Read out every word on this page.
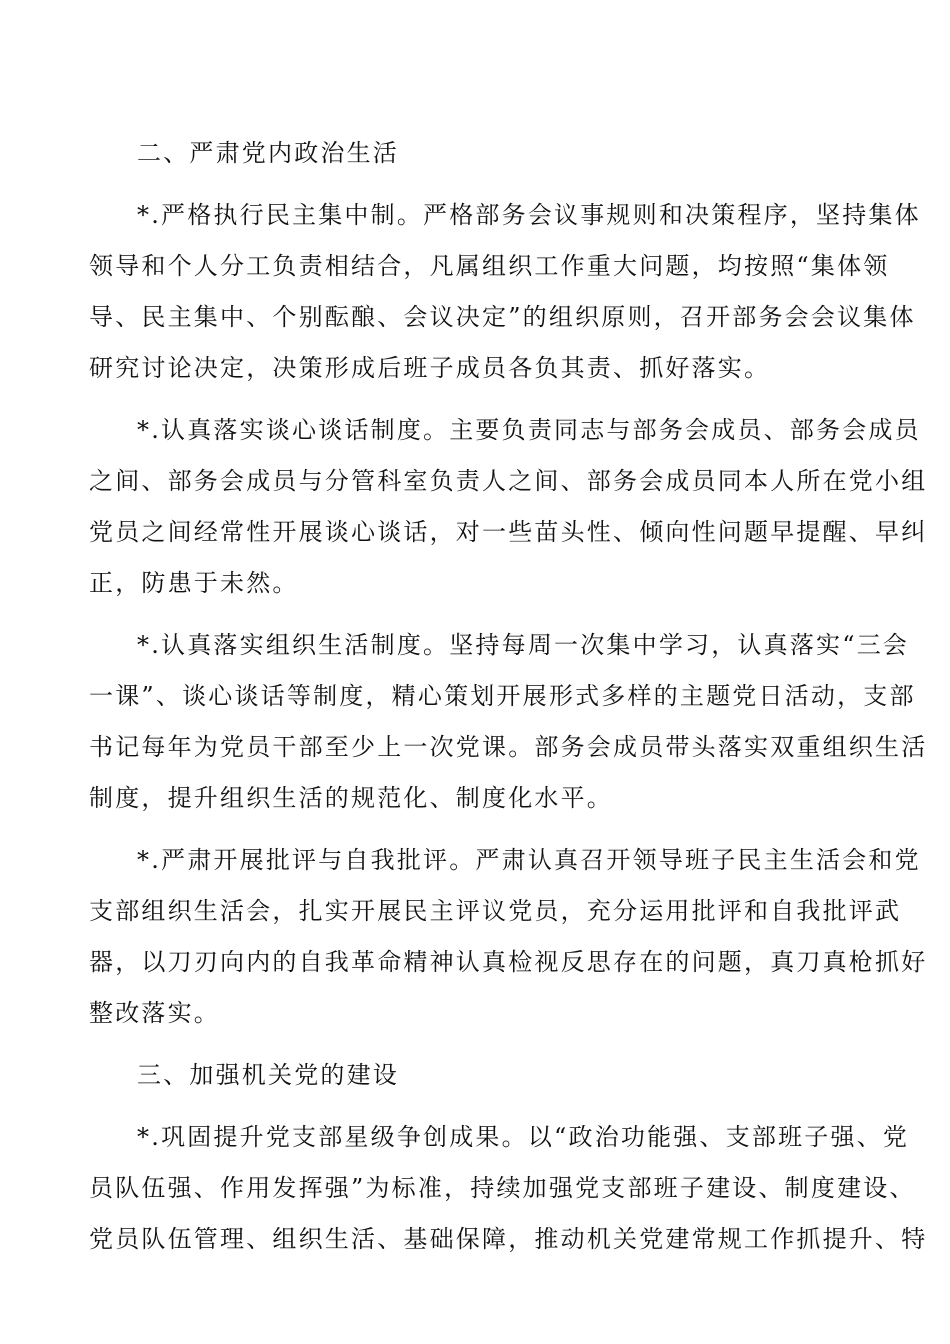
二、严肃党内政治生活
*.严格执行民主集中制。严格部务会议事规则和决策程序，坚持集体
领导和个人分工负责相结合，凡属组织工作重大问题，均按照“集体领
导、民主集中、个别酝酿、会议决定”的组织原则，召开部务会会议集体
研究讨论决定，决策形成后班子成员各负其责、抓好落实。
*.认真落实谈心谈话制度。主要负责同志与部务会成员、部务会成员
之间、部务会成员与分管科室负责人之间、部务会成员同本人所在党小组
党员之间经常性开展谈心谈话，对一些苗头性、倾向性问题早提醒、早纠
正，防患于未然。
*.认真落实组织生活制度。坚持每周一次集中学习，认真落实“三会
一课”、谈心谈话等制度，精心策划开展形式多样的主题党日活动，支部
书记每年为党员干部至少上一次党课。部务会成员带头落实双重组织生活
制度，提升组织生活的规范化、制度化水平。
*.严肃开展批评与自我批评。严肃认真召开领导班子民主生活会和党
支部组织生活会，扎实开展民主评议党员，充分运用批评和自我批评武
器，以刀刃向内的自我革命精神认真检视反思存在的问题，真刀真枪抓好
整改落实。
三、加强机关党的建设
*.巩固提升党支部星级争创成果。以“政治功能强、支部班子强、党
员队伍强、作用发挥强”为标准，持续加强党支部班子建设、制度建设、
党员队伍管理、组织生活、基础保障，推动机关党建常规工作抓提升、特
